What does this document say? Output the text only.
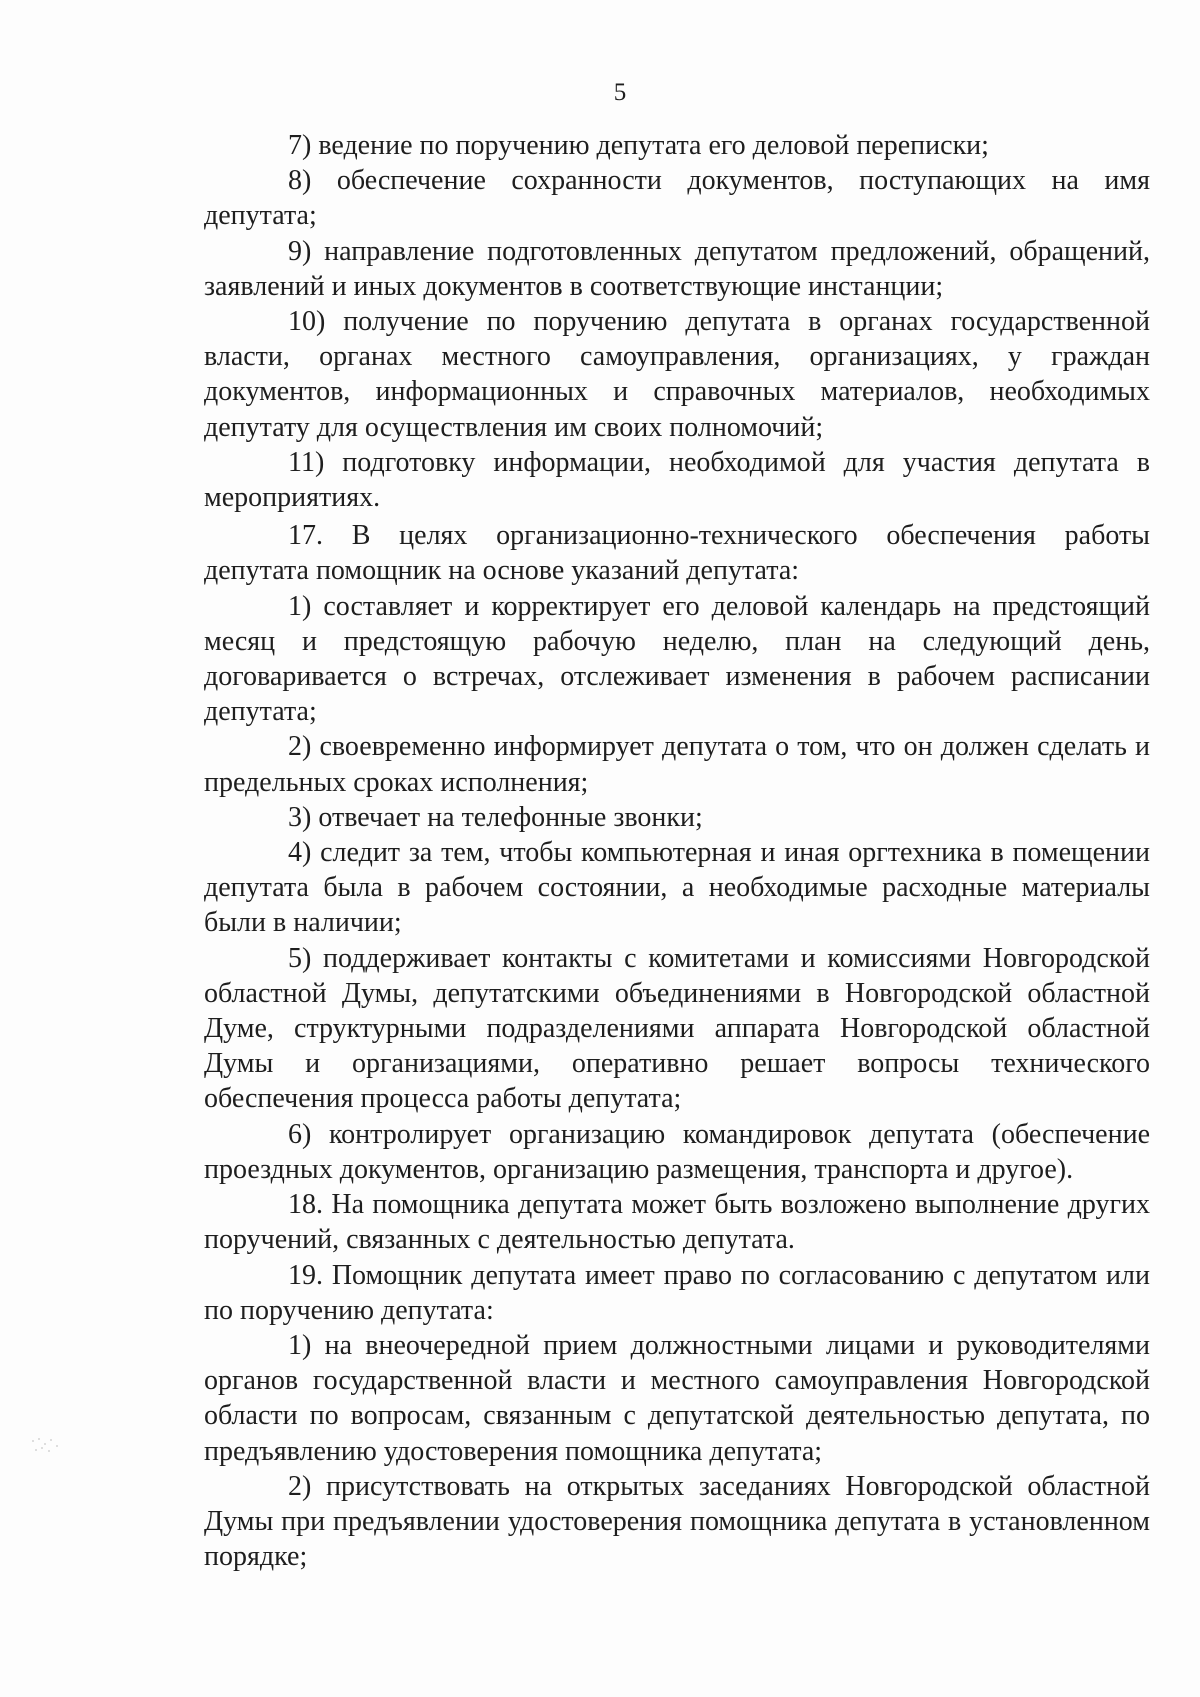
5

7) ведение по поручению депутата его деловой переписки;

8) обеспечение сохранности документов, поступающих на имя депутата;

9) направление подготовленных депутатом предложений, обращений, заявлений и иных документов в соответствующие инстанции;

10) получение по поручению депутата в органах государственной власти, органах местного самоуправления, организациях, у граждан документов, информационных и справочных материалов, необходимых депутату для осуществления им своих полномочий;

11) подготовку информации, необходимой для участия депутата в мероприятиях.

17. В целях организационно-технического обеспечения работы депутата помощник на основе указаний депутата:

1) составляет и корректирует его деловой календарь на предстоящий месяц и предстоящую рабочую неделю, план на следующий день, договаривается о встречах, отслеживает изменения в рабочем расписании депутата;

2) своевременно информирует депутата о том, что он должен сделать и предельных сроках исполнения;

3) отвечает на телефонные звонки;

4) следит за тем, чтобы компьютерная и иная оргтехника в помещении депутата была в рабочем состоянии, а необходимые расходные материалы были в наличии;

5) поддерживает контакты с комитетами и комиссиями Новгородской областной Думы, депутатскими объединениями в Новгородской областной Думе, структурными подразделениями аппарата Новгородской областной Думы и организациями, оперативно решает вопросы технического обеспечения процесса работы депутата;

6) контролирует организацию командировок депутата (обеспечение проездных документов, организацию размещения, транспорта и другое).

18. На помощника депутата может быть возложено выполнение других поручений, связанных с деятельностью депутата.

19. Помощник депутата имеет право по согласованию с депутатом или по поручению депутата:

1) на внеочередной прием должностными лицами и руководителями органов государственной власти и местного самоуправления Новгородской области по вопросам, связанным с депутатской деятельностью депутата, по предъявлению удостоверения помощника депутата;

2) присутствовать на открытых заседаниях Новгородской областной Думы при предъявлении удостоверения помощника депутата в установленном порядке;
